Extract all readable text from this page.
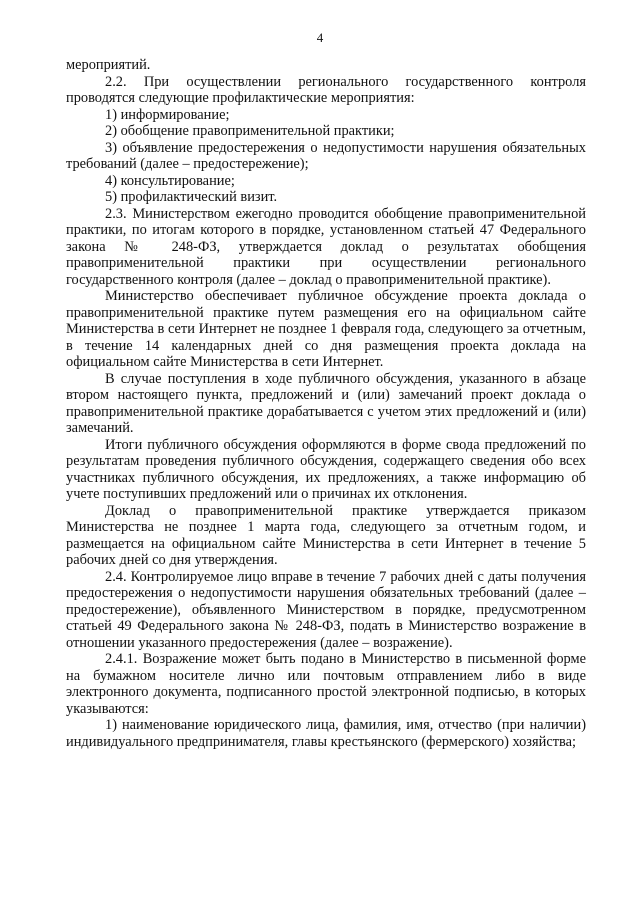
4

мероприятий.

2.2. При осуществлении регионального государственного контроля проводятся следующие профилактические мероприятия:

1) информирование;

2) обобщение правоприменительной практики;

3) объявление предостережения о недопустимости нарушения обязательных требований (далее – предостережение);

4) консультирование;

5) профилактический визит.

2.3. Министерством ежегодно проводится обобщение правоприменительной практики, по итогам которого в порядке, установленном статьей 47 Федерального закона № 248-ФЗ, утверждается доклад о результатах обобщения правоприменительной практики при осуществлении регионального государственного контроля (далее – доклад о правоприменительной практике).

Министерство обеспечивает публичное обсуждение проекта доклада о правоприменительной практике путем размещения его на официальном сайте Министерства в сети Интернет не позднее 1 февраля года, следующего за отчетным, в течение 14 календарных дней со дня размещения проекта доклада на официальном сайте Министерства в сети Интернет.

В случае поступления в ходе публичного обсуждения, указанного в абзаце втором настоящего пункта, предложений и (или) замечаний проект доклада о правоприменительной практике дорабатывается с учетом этих предложений и (или) замечаний.

Итоги публичного обсуждения оформляются в форме свода предложений по результатам проведения публичного обсуждения, содержащего сведения обо всех участниках публичного обсуждения, их предложениях, а также информацию об учете поступивших предложений или о причинах их отклонения.

Доклад о правоприменительной практике утверждается приказом Министерства не позднее 1 марта года, следующего за отчетным годом, и размещается на официальном сайте Министерства в сети Интернет в течение 5 рабочих дней со дня утверждения.

2.4. Контролируемое лицо вправе в течение 7 рабочих дней с даты получения предостережения о недопустимости нарушения обязательных требований (далее – предостережение), объявленного Министерством в порядке, предусмотренном статьей 49 Федерального закона № 248-ФЗ, подать в Министерство возражение в отношении указанного предостережения (далее – возражение).

2.4.1. Возражение может быть подано в Министерство в письменной форме на бумажном носителе лично или почтовым отправлением либо в виде электронного документа, подписанного простой электронной подписью, в которых указываются:

1) наименование юридического лица, фамилия, имя, отчество (при наличии) индивидуального предпринимателя, главы крестьянского (фермерского) хозяйства;
